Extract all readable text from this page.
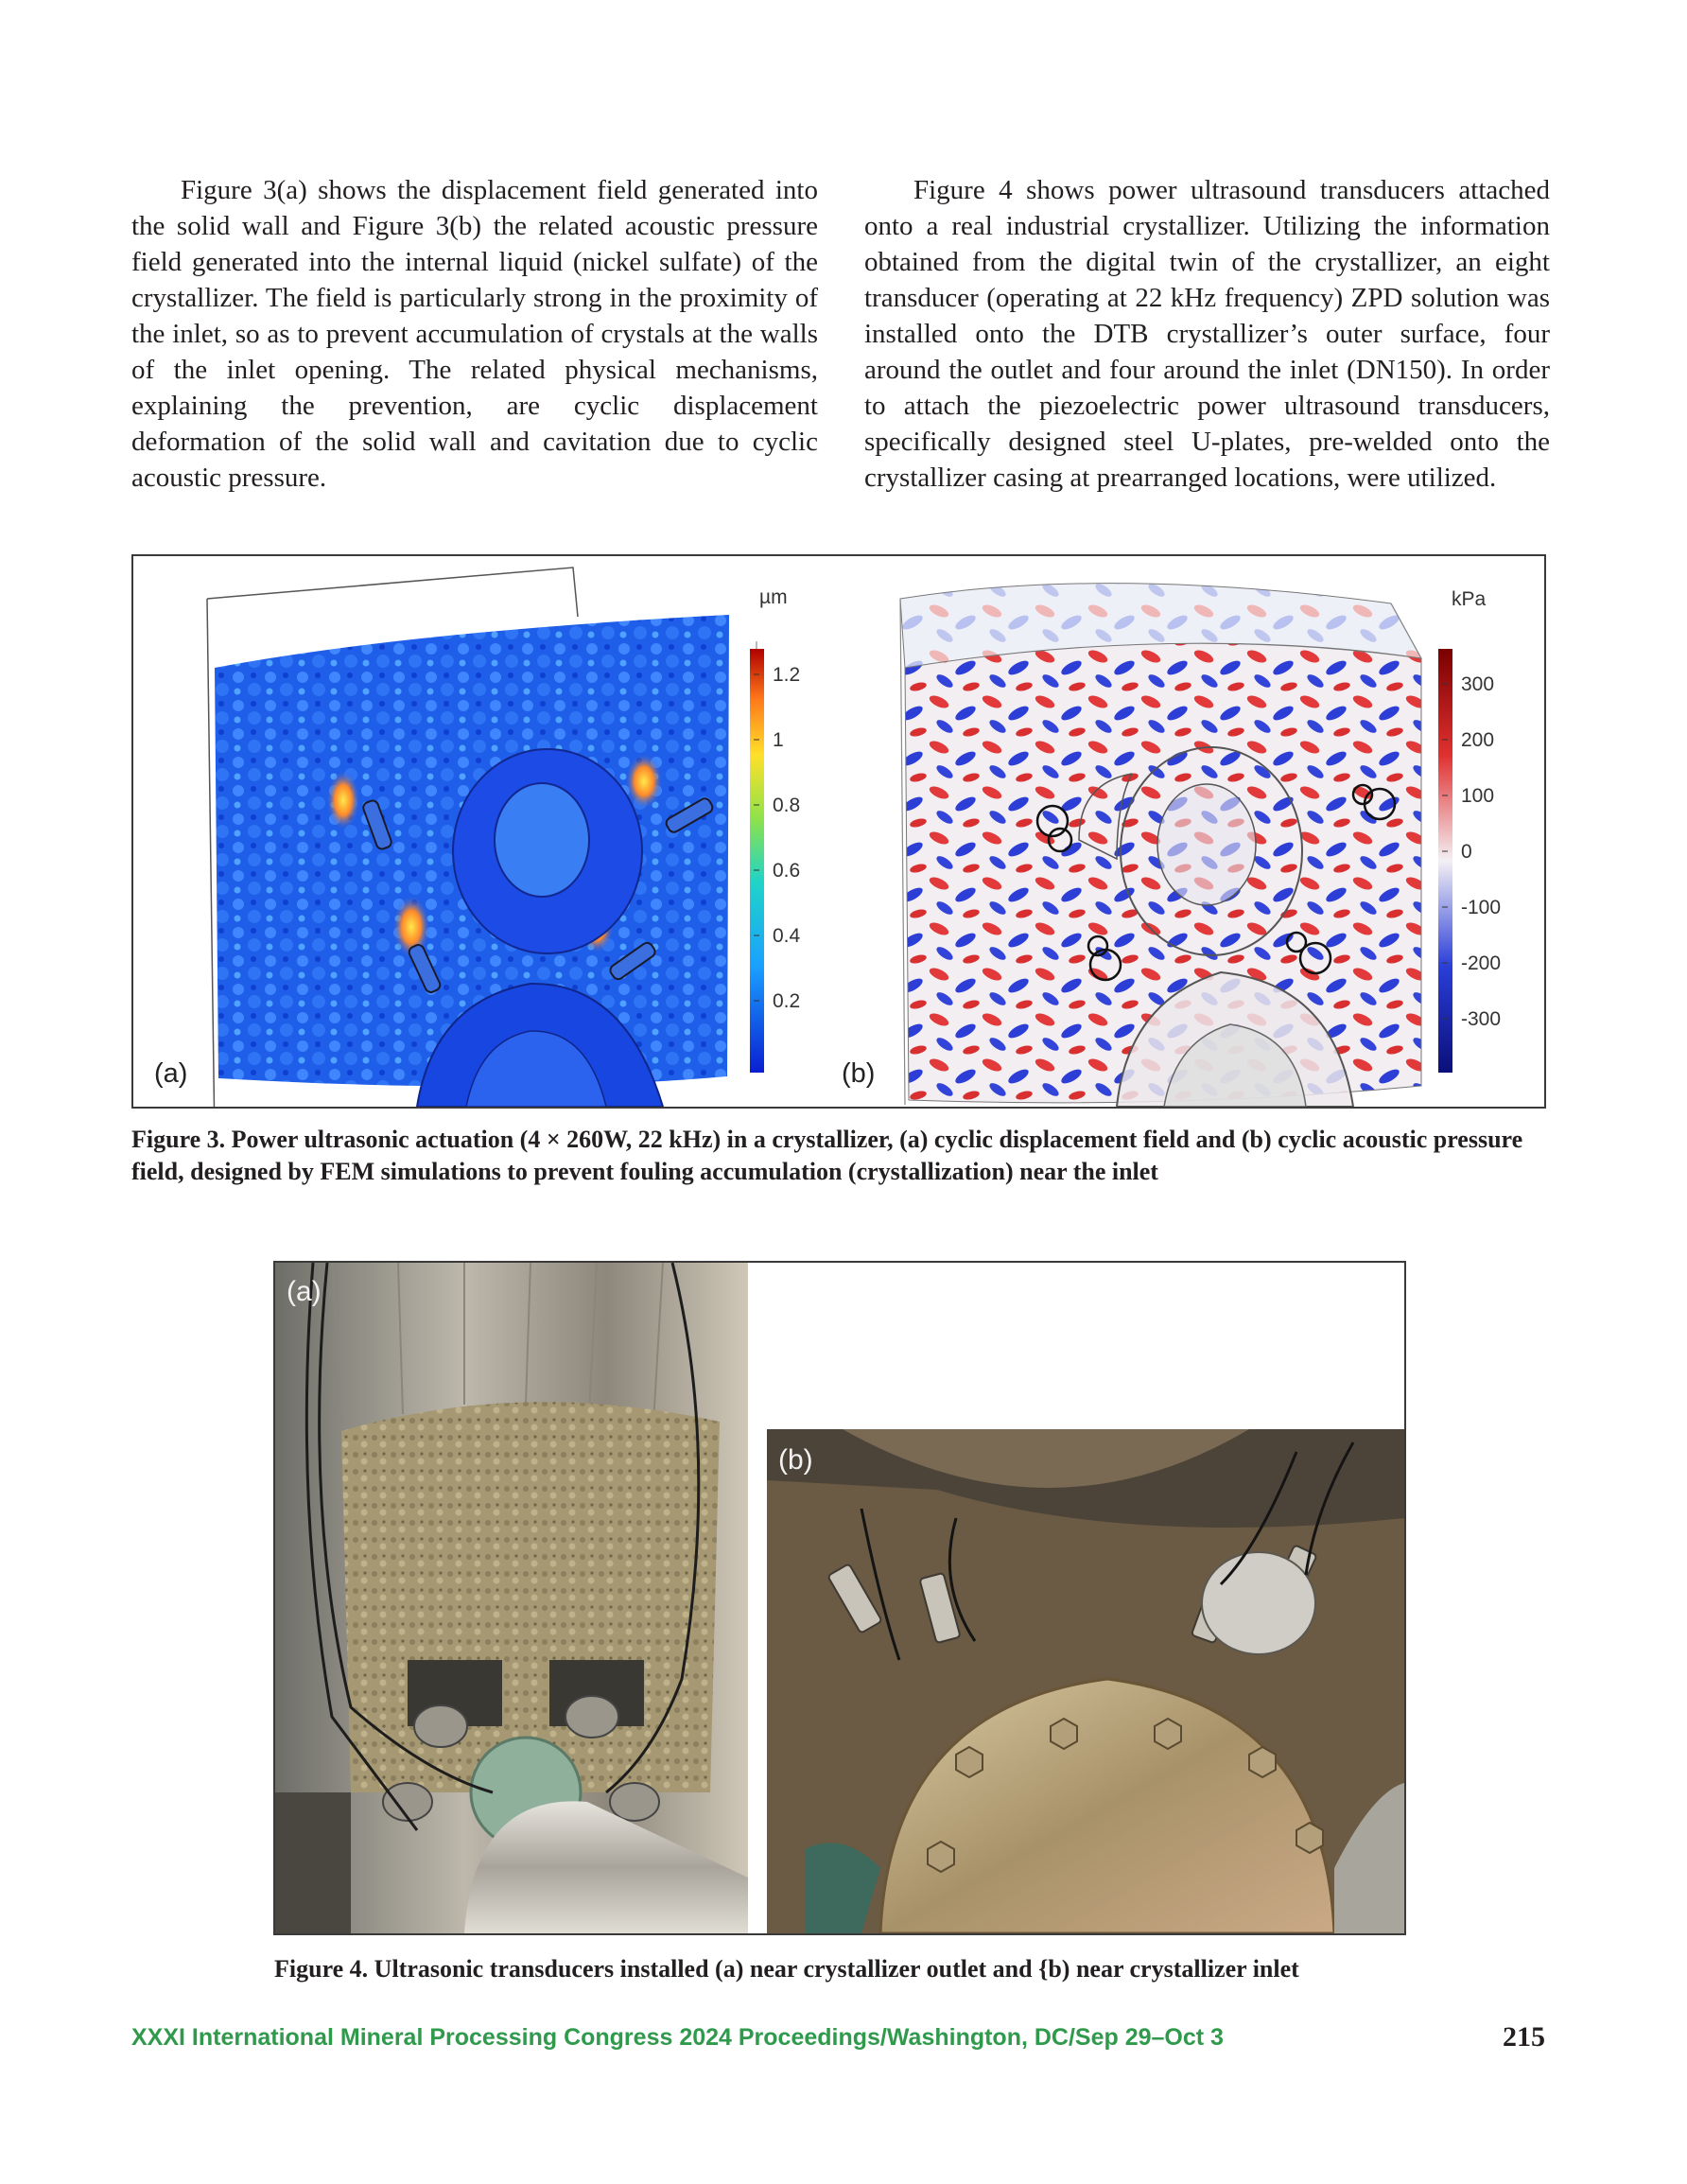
Figure 3(a) shows the displacement field generated into the solid wall and Figure 3(b) the related acoustic pressure field generated into the internal liquid (nickel sulfate) of the crystallizer. The field is particularly strong in the proximity of the inlet, so as to prevent accumulation of crystals at the walls of the inlet opening. The related physical mechanisms, explaining the prevention, are cyclic displacement deformation of the solid wall and cavitation due to cyclic acoustic pressure.

Figure 4 shows power ultrasound transducers attached onto a real industrial crystallizer. Utilizing the information obtained from the digital twin of the crystallizer, an eight transducer (operating at 22 kHz frequency) ZPD solution was installed onto the DTB crystallizer’s outer surface, four around the outlet and four around the inlet (DN150). In order to attach the piezoelectric power ultrasound transducers, specifically designed steel U-plates, pre-welded onto the crystallizer casing at prearranged locations, were utilized.

(a)
µm
1.2
1
0.8
0.6
0.4
0.2
(b)
kPa
300
200
100
0
-100
-200
-300
Figure 3. Power ultrasonic actuation (4 × 260W, 22 kHz) in a crystallizer, (a) cyclic displacement field and (b) cyclic acoustic pressure field, designed by FEM simulations to prevent fouling accumulation (crystallization) near the inlet
(a)
(b)
Figure 4. Ultrasonic transducers installed (a) near crystallizer outlet and {b) near crystallizer inlet
XXXI International Mineral Processing Congress 2024 Proceedings/Washington, DC/Sep 29–Oct 3	215
